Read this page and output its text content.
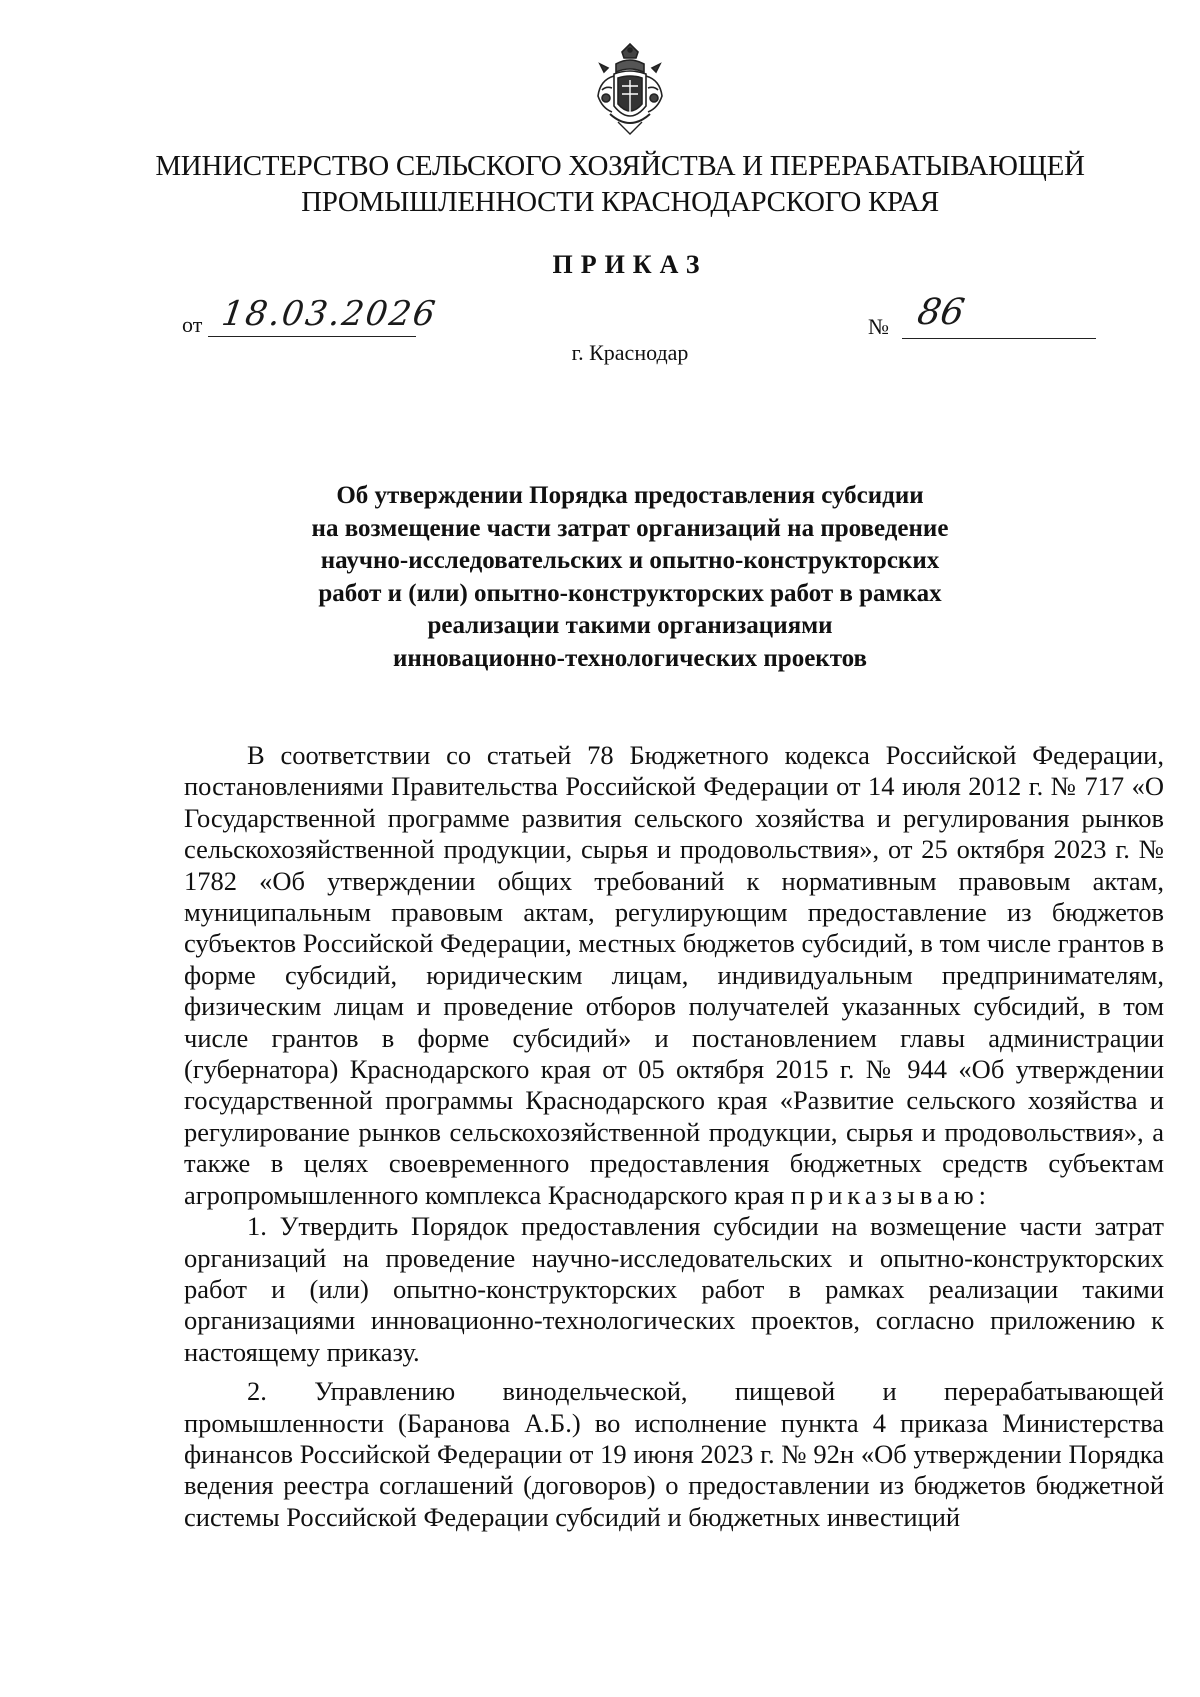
МИНИСТЕРСТВО СЕЛЬСКОГО ХОЗЯЙСТВА И ПЕРЕРАБАТЫВАЮЩЕЙ
ПРОМЫШЛЕННОСТИ КРАСНОДАРСКОГО КРАЯ
ПРИКАЗ
от 18.03.2026	№ 86
г. Краснодар
Об утверждении Порядка предоставления субсидии
на возмещение части затрат организаций на проведение
научно-исследовательских и опытно-конструкторских
работ и (или) опытно-конструкторских работ в рамках
реализации такими организациями
инновационно-технологических проектов

В соответствии со статьей 78 Бюджетного кодекса Российской Федерации, постановлениями Правительства Российской Федерации от 14 июля 2012 г. № 717 «О Государственной программе развития сельского хозяйства и регулирования рынков сельскохозяйственной продукции, сырья и продовольствия», от 25 октября 2023 г. № 1782 «Об утверждении общих требований к нормативным правовым актам, муниципальным правовым актам, регулирующим предоставление из бюджетов субъектов Российской Федерации, местных бюджетов субсидий, в том числе грантов в форме субсидий, юридическим лицам, индивидуальным предпринимателям, физическим лицам и проведение отборов получателей указанных субсидий, в том числе грантов в форме субсидий» и постановлением главы администрации (губернатора) Краснодарского края от 05 октября 2015 г. № 944 «Об утверждении государственной программы Краснодарского края «Развитие сельского хозяйства и регулирование рынков сельскохозяйственной продукции, сырья и продовольствия», а также в целях своевременного предоставления бюджетных средств субъектам агропромышленного комплекса Краснодарского края приказываю:

1. Утвердить Порядок предоставления субсидии на возмещение части затрат организаций на проведение научно-исследовательских и опытно-конструкторских работ и (или) опытно-конструкторских работ в рамках реализации такими организациями инновационно-технологических проектов, согласно приложению к настоящему приказу.

2. Управлению винодельческой, пищевой и перерабатывающей промышленности (Баранова А.Б.) во исполнение пункта 4 приказа Министерства финансов Российской Федерации от 19 июня 2023 г. № 92н «Об утверждении Порядка ведения реестра соглашений (договоров) о предоставлении из бюджетов бюджетной системы Российской Федерации субсидий и бюджетных инвестиций
